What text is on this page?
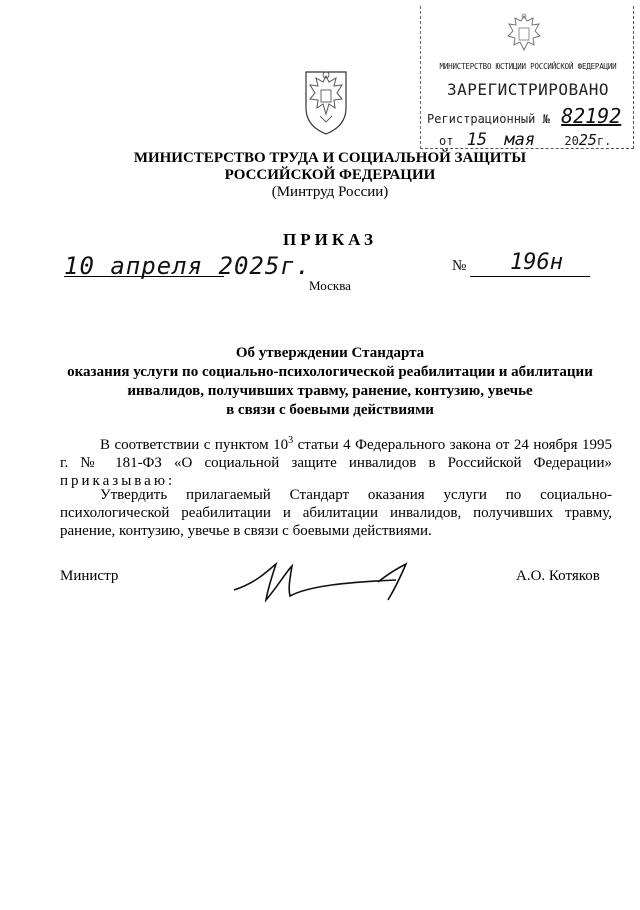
МИНИСТЕРСТВО ЮСТИЦИИ РОССИЙСКОЙ ФЕДЕРАЦИИ
ЗАРЕГИСТРИРОВАНО
Регистрационный № 82192
от 15 мая 2025г.
МИНИСТЕРСТВО ТРУДА И СОЦИАЛЬНОЙ ЗАЩИТЫ
РОССИЙСКОЙ ФЕДЕРАЦИИ
(Минтруд России)
ПРИКАЗ
10 апреля 2025г.	№ 196н
Москва
Об утверждении Стандарта
оказания услуги по социально-психологической реабилитации и абилитации
инвалидов, получивших травму, ранение, контузию, увечье
в связи с боевыми действиями
В соответствии с пунктом $10^3$ статьи 4 Федерального закона от 24 ноября 1995 г. № 181-ФЗ «О социальной защите инвалидов в Российской Федерации» приказываю:
Утвердить прилагаемый Стандарт оказания услуги по социально-психологической реабилитации и абилитации инвалидов, получивших травму, ранение, контузию, увечье в связи с боевыми действиями.
Министр	А.О. Котяков
